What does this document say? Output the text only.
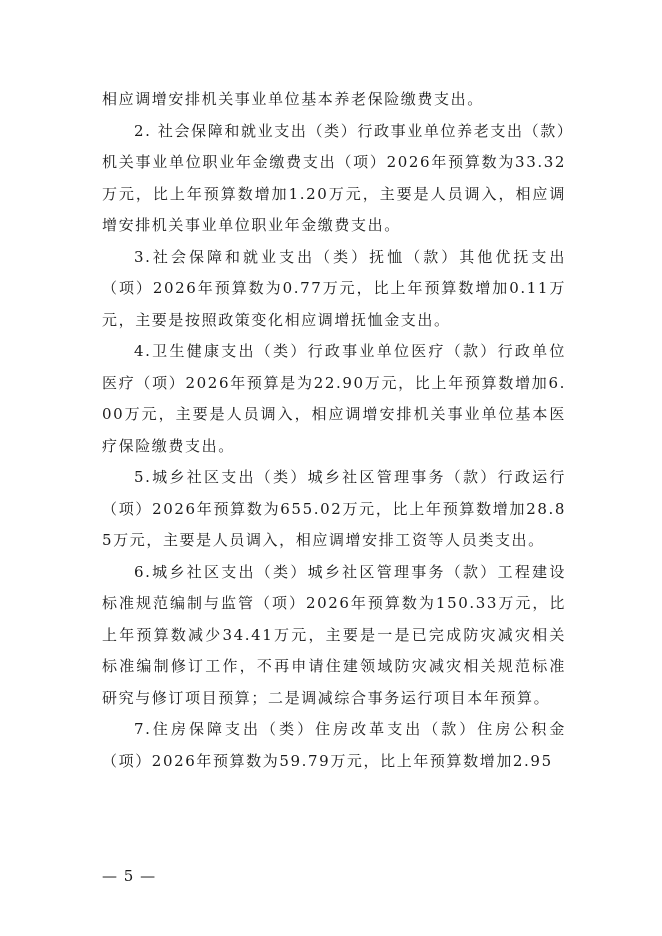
相应调增安排机关事业单位基本养老保险缴费支出。

2. 社会保障和就业支出（类）行政事业单位养老支出（款）机关事业单位职业年金缴费支出（项）2026年预算数为33.32万元，比上年预算数增加1.20万元，主要是人员调入，相应调增安排机关事业单位职业年金缴费支出。

3.社会保障和就业支出（类）抚恤（款）其他优抚支出（项）2026年预算数为0.77万元，比上年预算数增加0.11万元，主要是按照政策变化相应调增抚恤金支出。

4.卫生健康支出（类）行政事业单位医疗（款）行政单位医疗（项）2026年预算是为22.90万元，比上年预算数增加6.00万元，主要是人员调入，相应调增安排机关事业单位基本医疗保险缴费支出。

5.城乡社区支出（类）城乡社区管理事务（款）行政运行（项）2026年预算数为655.02万元，比上年预算数增加28.85万元，主要是人员调入，相应调增安排工资等人员类支出。

6.城乡社区支出（类）城乡社区管理事务（款）工程建设标准规范编制与监管（项）2026年预算数为150.33万元，比上年预算数减少34.41万元，主要是一是已完成防灾减灾相关标准编制修订工作，不再申请住建领域防灾减灾相关规范标准研究与修订项目预算；二是调减综合事务运行项目本年预算。

7.住房保障支出（类）住房改革支出（款）住房公积金（项）2026年预算数为59.79万元，比上年预算数增加2.95

— 5 —
